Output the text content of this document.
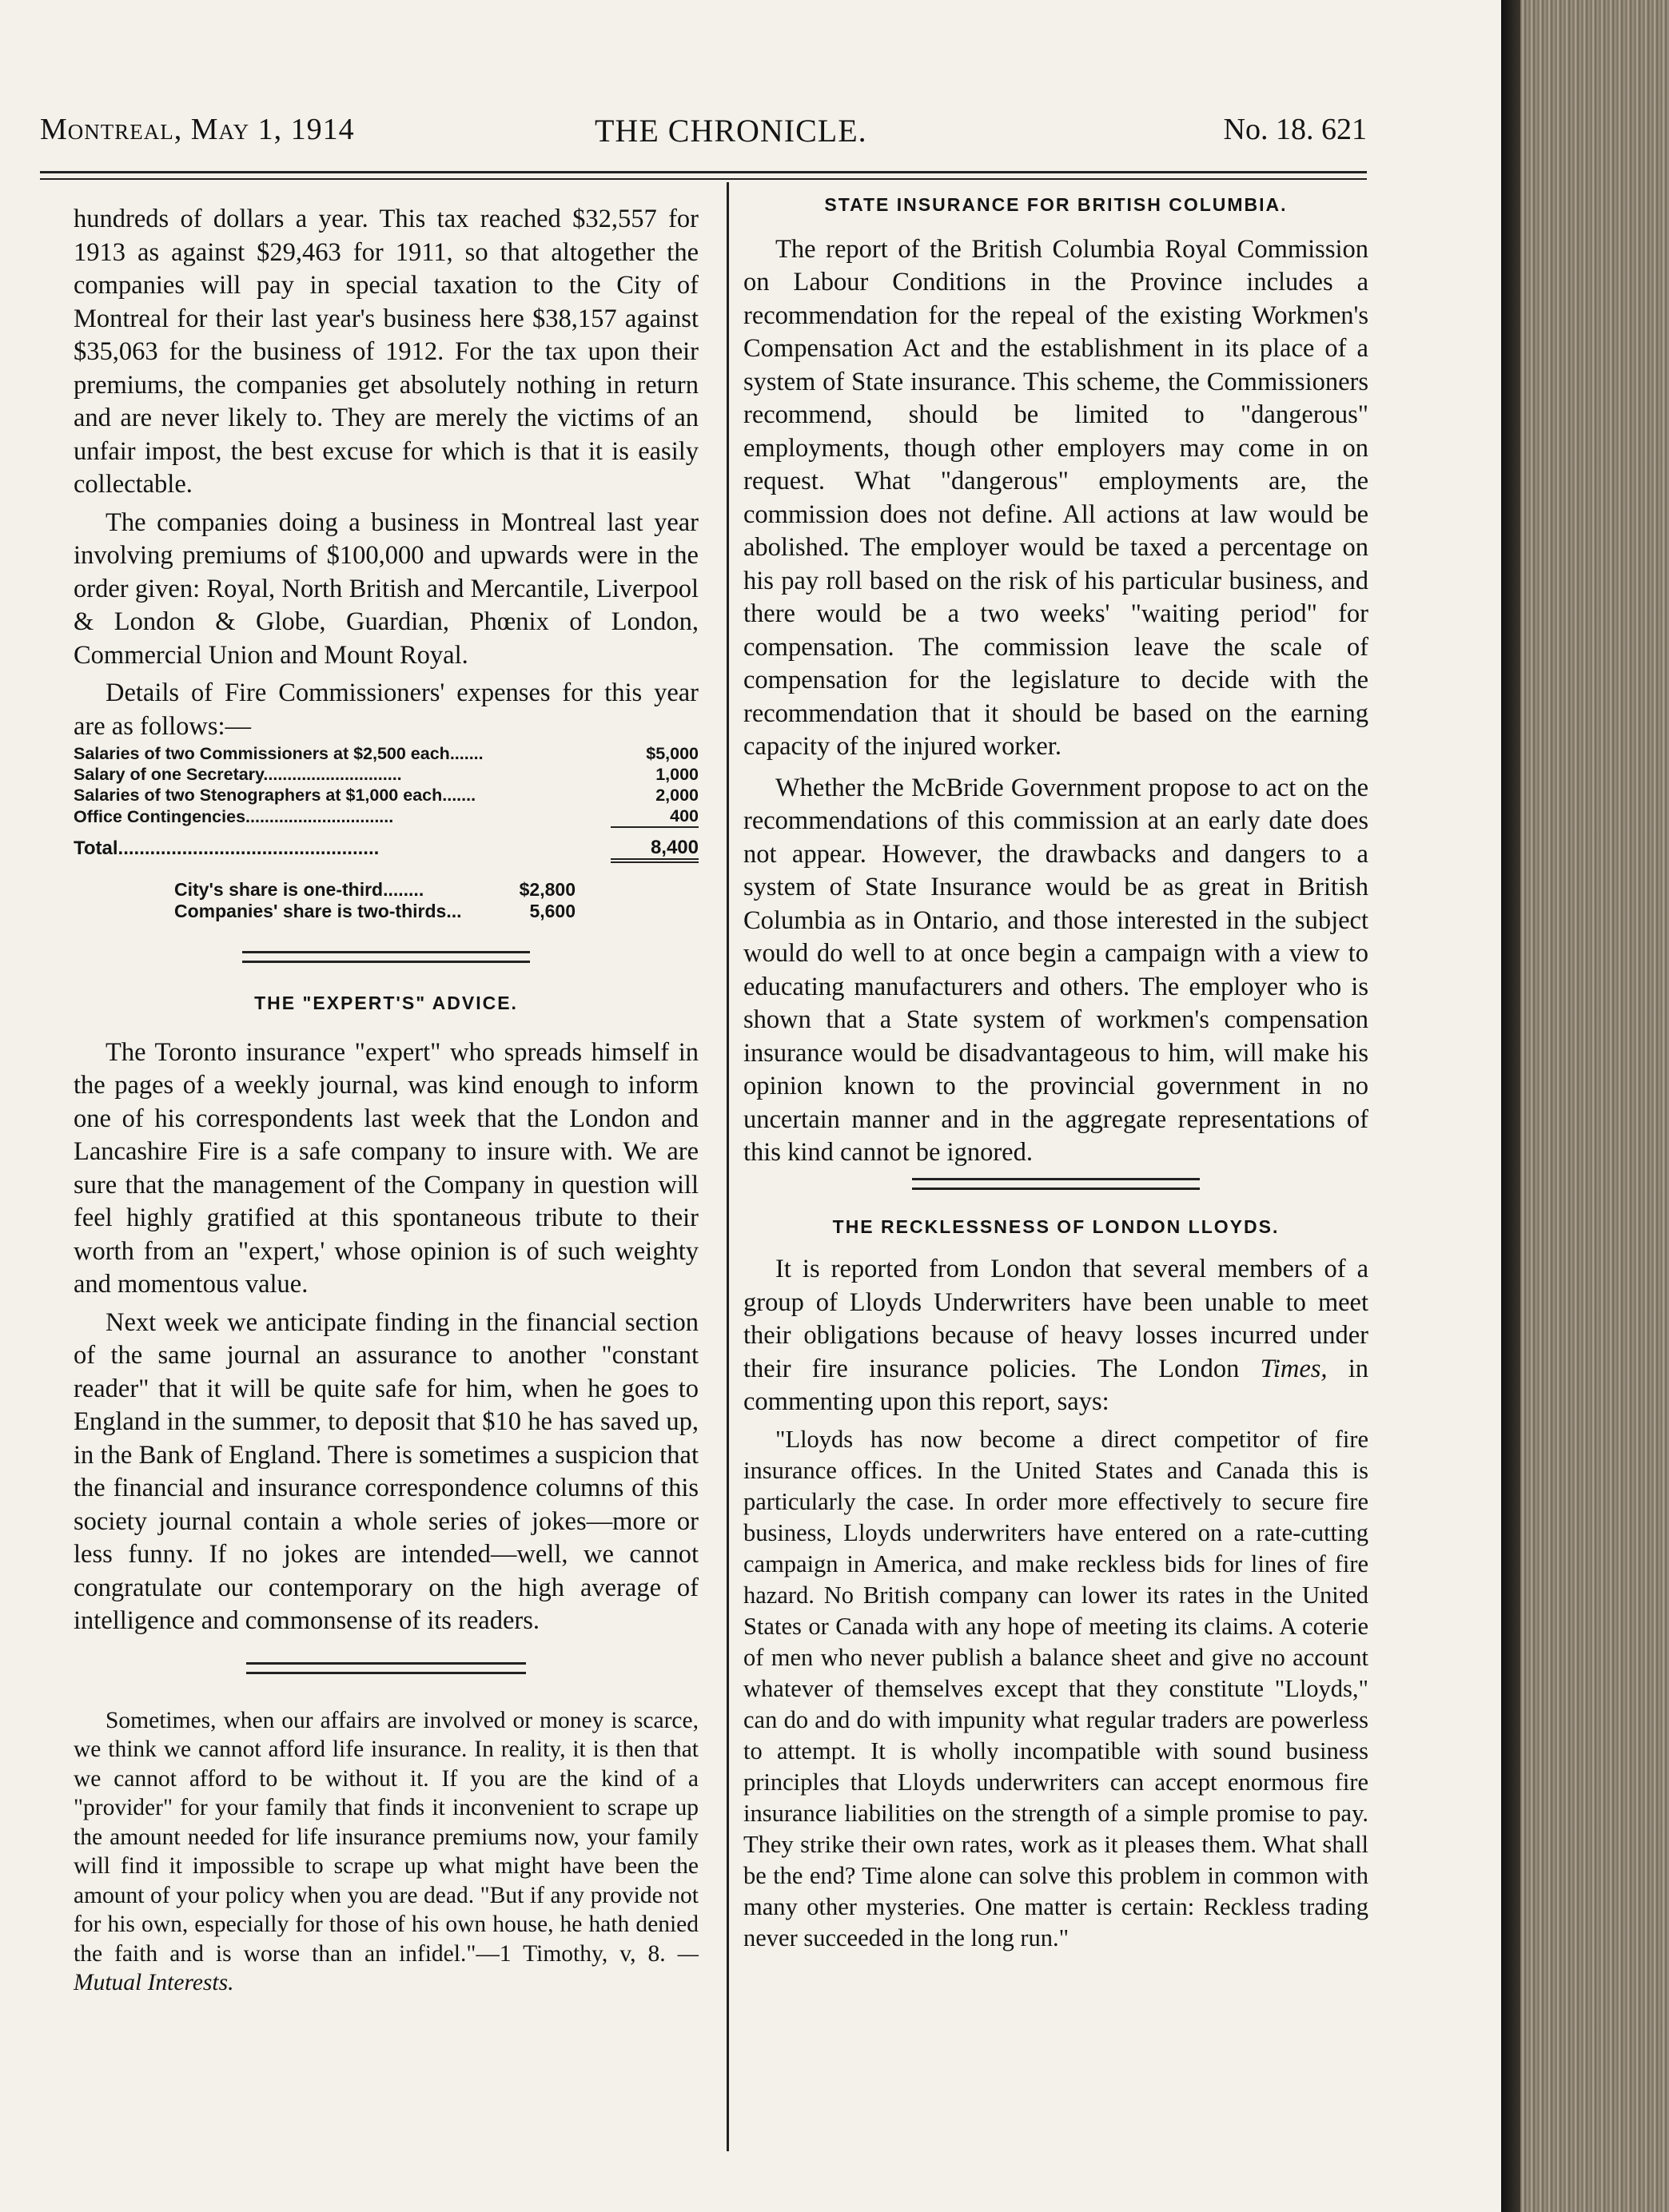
Montreal, May 1, 1914	THE CHRONICLE.	No. 18. 621

hundreds of dollars a year. This tax reached $32,557 for 1913 as against $29,463 for 1911, so that altogether the companies will pay in special taxation to the City of Montreal for their last year's business here $38,157 against $35,063 for the business of 1912. For the tax upon their premiums, the companies get absolutely nothing in return and are never likely to. They are merely the victims of an unfair impost, the best excuse for which is that it is easily collectable.

The companies doing a business in Montreal last year involving premiums of $100,000 and upwards were in the order given: Royal, North British and Mercantile, Liverpool & London & Globe, Guardian, Phœnix of London, Commercial Union and Mount Royal.

Details of Fire Commissioners' expenses for this year are as follows:—

Salaries of two Commissioners at $2,500 each.......	$5,000
Salary of one Secretary.............................	1,000
Salaries of two Stenographers at $1,000 each.......	2,000
Office Contingencies...............................	400
Total.................................................	8,400
City's share is one-third........	$2,800
Companies' share is two-thirds...	5,600

THE "EXPERT'S" ADVICE.

The Toronto insurance "expert" who spreads himself in the pages of a weekly journal, was kind enough to inform one of his correspondents last week that the London and Lancashire Fire is a safe company to insure with. We are sure that the management of the Company in question will feel highly gratified at this spontaneous tribute to their worth from an "expert,' whose opinion is of such weighty and momentous value.

Next week we anticipate finding in the financial section of the same journal an assurance to another "constant reader" that it will be quite safe for him, when he goes to England in the summer, to deposit that $10 he has saved up, in the Bank of England. There is sometimes a suspicion that the financial and insurance correspondence columns of this society journal contain a whole series of jokes—more or less funny. If no jokes are intended—well, we cannot congratulate our contemporary on the high average of intelligence and commonsense of its readers.

Sometimes, when our affairs are involved or money is scarce, we think we cannot afford life insurance. In reality, it is then that we cannot afford to be without it. If you are the kind of a "provider" for your family that finds it inconvenient to scrape up the amount needed for life insurance premiums now, your family will find it impossible to scrape up what might have been the amount of your policy when you are dead. "But if any provide not for his own, especially for those of his own house, he hath denied the faith and is worse than an infidel."—1 Timothy, v, 8. —Mutual Interests.

STATE INSURANCE FOR BRITISH COLUMBIA.

The report of the British Columbia Royal Commission on Labour Conditions in the Province includes a recommendation for the repeal of the existing Workmen's Compensation Act and the establishment in its place of a system of State insurance. This scheme, the Commissioners recommend, should be limited to "dangerous" employments, though other employers may come in on request. What "dangerous" employments are, the commission does not define. All actions at law would be abolished. The employer would be taxed a percentage on his pay roll based on the risk of his particular business, and there would be a two weeks' "waiting period" for compensation. The commission leave the scale of compensation for the legislature to decide with the recommendation that it should be based on the earning capacity of the injured worker.

Whether the McBride Government propose to act on the recommendations of this commission at an early date does not appear. However, the drawbacks and dangers to a system of State Insurance would be as great in British Columbia as in Ontario, and those interested in the subject would do well to at once begin a campaign with a view to educating manufacturers and others. The employer who is shown that a State system of workmen's compensation insurance would be disadvantageous to him, will make his opinion known to the provincial government in no uncertain manner and in the aggregate representations of this kind cannot be ignored.

THE RECKLESSNESS OF LONDON LLOYDS.

It is reported from London that several members of a group of Lloyds Underwriters have been unable to meet their obligations because of heavy losses incurred under their fire insurance policies. The London Times, in commenting upon this report, says:

"Lloyds has now become a direct competitor of fire insurance offices. In the United States and Canada this is particularly the case. In order more effectively to secure fire business, Lloyds underwriters have entered on a rate-cutting campaign in America, and make reckless bids for lines of fire hazard. No British company can lower its rates in the United States or Canada with any hope of meeting its claims. A coterie of men who never publish a balance sheet and give no account whatever of themselves except that they constitute "Lloyds," can do and do with impunity what regular traders are powerless to attempt. It is wholly incompatible with sound business principles that Lloyds underwriters can accept enormous fire insurance liabilities on the strength of a simple promise to pay. They strike their own rates, work as it pleases them. What shall be the end? Time alone can solve this problem in common with many other mysteries. One matter is certain: Reckless trading never succeeded in the long run."
